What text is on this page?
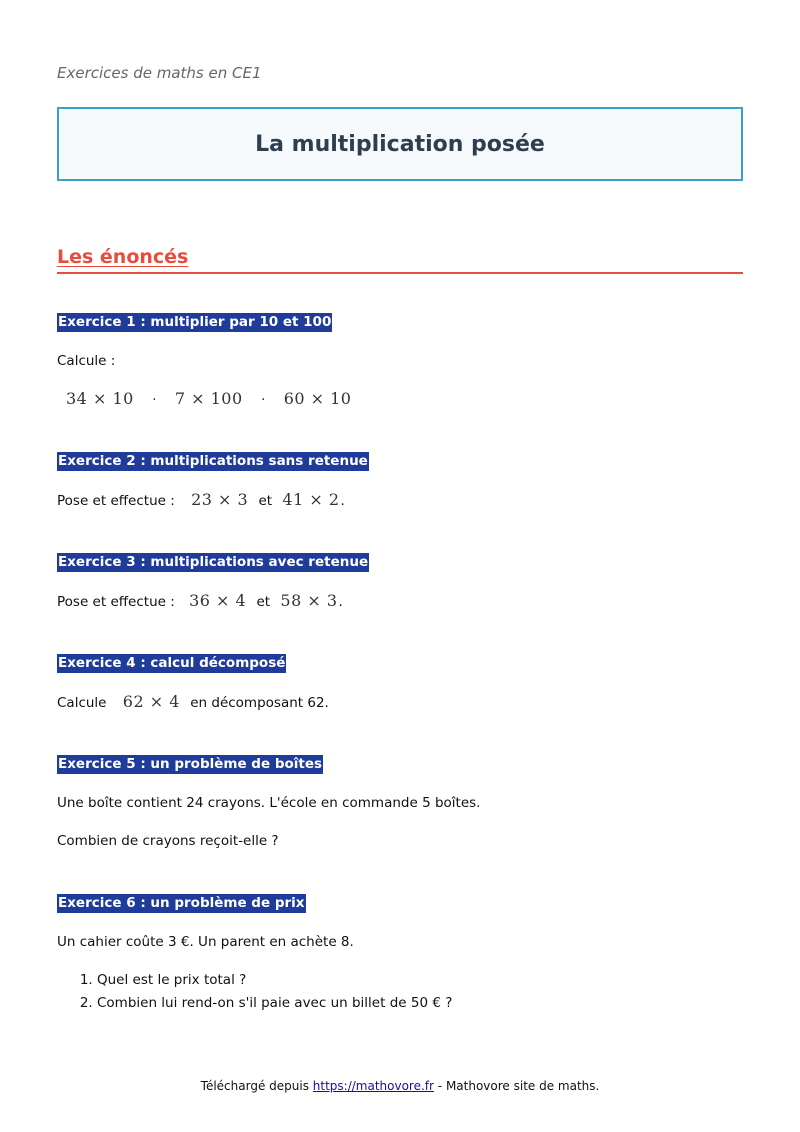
Exercices de maths en CE1
La multiplication posée
Les énoncés
Exercice 1 : multiplier par 10 et 100
Calcule :
34 × 10 · 7 × 100 · 60 × 10
Exercice 2 : multiplications sans retenue
Pose et effectue : 23 × 3 et 41 × 2.
Exercice 3 : multiplications avec retenue
Pose et effectue : 36 × 4 et 58 × 3.
Exercice 4 : calcul décomposé
Calcule 62 × 4 en décomposant 62.
Exercice 5 : un problème de boîtes
Une boîte contient 24 crayons. L'école en commande 5 boîtes.
Combien de crayons reçoit-elle ?
Exercice 6 : un problème de prix
Un cahier coûte 3 €. Un parent en achète 8.
1. Quel est le prix total ?
2. Combien lui rend-on s'il paie avec un billet de 50 € ?
Téléchargé depuis https://mathovore.fr - Mathovore site de maths.
